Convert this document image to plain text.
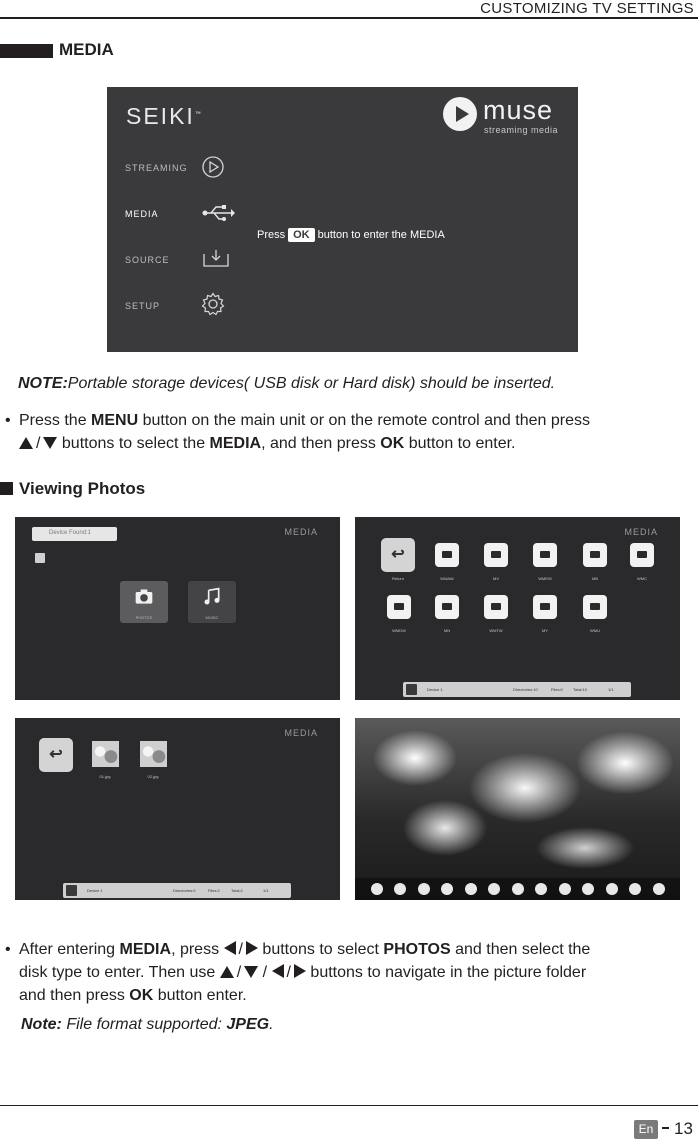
CUSTOMIZING TV SETTINGS
MEDIA
SEIKI™	muse
streaming media
STREAMING
MEDIA
SOURCE
SETUP
Press OK button to enter the MEDIA
NOTE:Portable storage devices( USB disk or Hard disk) should be inserted.
• Press the MENU button on the main unit or on the remote control and then press
/ buttons to select the MEDIA, and then press OK button to enter.
Viewing Photos
MEDIA
Device Found:1
PHOTOS	MUSIC
MEDIA
↩
Return	WMAW	MV	WMEW	MB	WMC
WMDW	MN	WMTW	MY	WMU
Device 1	Directories:10	Files:0	Total:10	1/1
MEDIA
↩
01.jpg	02.jpg
Device 1	Directories:0	Files:2	Total:2	1/1
• After entering MEDIA, press / buttons to select PHOTOS and then select the
disk type to enter. Then use / / / buttons to navigate in the picture folder
and then press OK button enter.
Note: File format supported: JPEG.
En 13
